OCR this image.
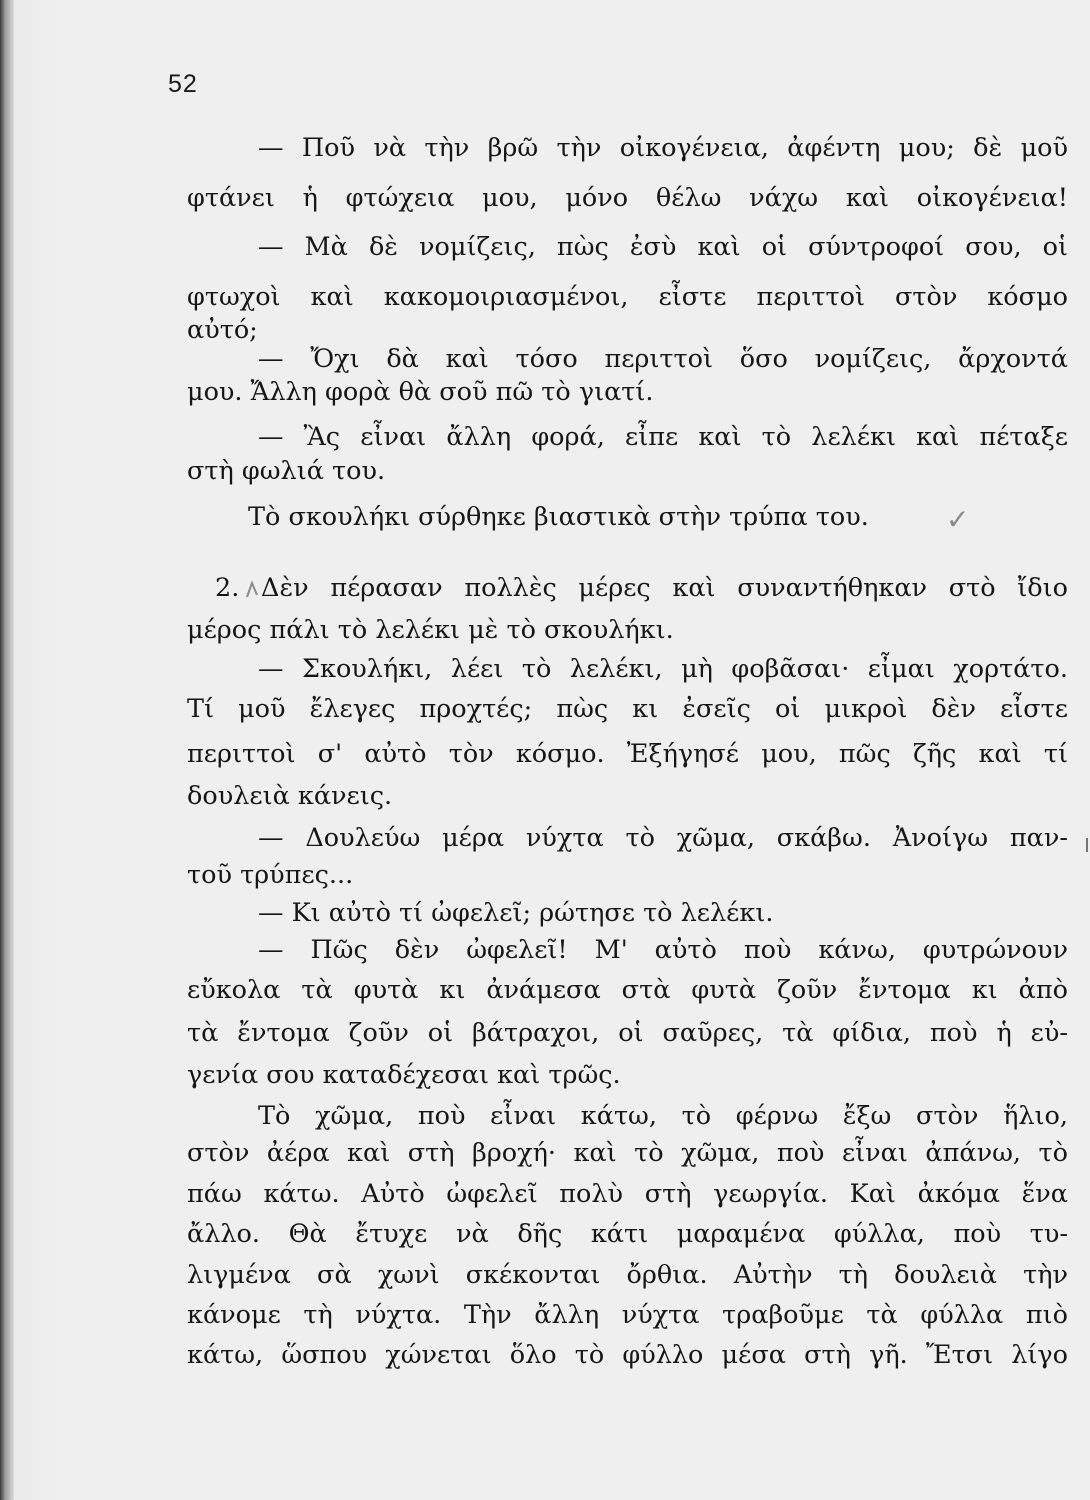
52
— Ποῦ νὰ τὴν βρῶ τὴν οἰκογένεια, ἀφέντη μου; δὲ μοῦ
φτάνει ἡ φτώχεια μου, μόνο θέλω νάχω καὶ οἰκογένεια!
— Μὰ δὲ νομίζεις, πὼς ἐσὺ καὶ οἱ σύντροφοί σου, οἱ
φτωχοὶ καὶ κακομοιριασμένοι, εἶστε περιττοὶ στὸν κόσμο
αὐτό;
— Ὄχι δὰ καὶ τόσο περιττοὶ ὅσο νομίζεις, ἄρχοντά
μου. Ἄλλη φορὰ θὰ σοῦ πῶ τὸ γιατί.
— Ἂς εἶναι ἄλλη φορά, εἶπε καὶ τὸ λελέκι καὶ πέταξε
στὴ φωλιά του.
Τὸ σκουλήκι σύρθηκε βιαστικὰ στὴν τρύπα του.	✓
2. Δὲν πέρασαν πολλὲς μέρες καὶ συναντήθηκαν στὸ ἴδιο
μέρος πάλι τὸ λελέκι μὲ τὸ σκουλήκι.
— Σκουλήκι, λέει τὸ λελέκι, μὴ φοβᾶσαι· εἶμαι χορτάτο.
Τί μοῦ ἔλεγες προχτές; πὼς κι ἐσεῖς οἱ μικροὶ δὲν εἶστε
περιττοὶ σ' αὐτὸ τὸν κόσμο. Ἐξήγησέ μου, πῶς ζῆς καὶ τί
δουλειὰ κάνεις.
— Δουλεύω μέρα νύχτα τὸ χῶμα, σκάβω. Ἀνοίγω παν-
τοῦ τρύπες...
— Κι αὐτὸ τί ὠφελεῖ; ρώτησε τὸ λελέκι.
— Πῶς δὲν ὠφελεῖ! Μ' αὐτὸ ποὺ κάνω, φυτρώνουν
εὔκολα τὰ φυτὰ κι ἀνάμεσα στὰ φυτὰ ζοῦν ἔντομα κι ἀπὸ
τὰ ἔντομα ζοῦν οἱ βάτραχοι, οἱ σαῦρες, τὰ φίδια, ποὺ ἡ εὐ-
γενία σου καταδέχεσαι καὶ τρῶς.
Τὸ χῶμα, ποὺ εἶναι κάτω, τὸ φέρνω ἔξω στὸν ἥλιο,
στὸν ἀέρα καὶ στὴ βροχή· καὶ τὸ χῶμα, ποὺ εἶναι ἀπάνω, τὸ
πάω κάτω. Αὐτὸ ὠφελεῖ πολὺ στὴ γεωργία. Καὶ ἀκόμα ἕνα
ἄλλο. Θὰ ἔτυχε νὰ δῆς κάτι μαραμένα φύλλα, ποὺ τυ-
λιγμένα σὰ χωνὶ σκέκονται ὄρθια. Αὐτὴν τὴ δουλειὰ τὴν
κάνομε τὴ νύχτα. Τὴν ἄλλη νύχτα τραβοῦμε τὰ φύλλα πιὸ
κάτω, ὥσπου χώνεται ὅλο τὸ φύλλο μέσα στὴ γῆ. Ἔτσι λίγο
